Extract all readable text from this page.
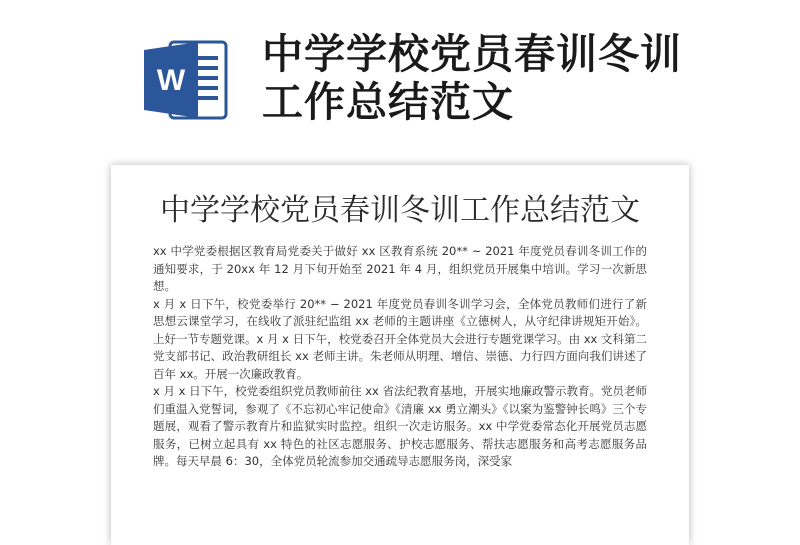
W
中学学校党员春训冬训工作总结范文
中学学校党员春训冬训工作总结范文

xx 中学党委根据区教育局党委关于做好 xx 区教育系统 20** ~ 2021 年度党员春训冬训工作的通知要求，于 20xx 年 12 月下旬开始至 2021 年 4 月，组织党员开展集中培训。学习一次新思想。

x 月 x 日下午，校党委举行 20** − 2021 年度党员春训冬训学习会，全体党员教师们进行了新思想云课堂学习，在线收了派驻纪监组 xx 老师的主题讲座《立德树人，从守纪律讲规矩开始》。上好一节专题党课。x 月 x 日下午，校党委召开全体党员大会进行专题党课学习。由 xx 文科第二党支部书记、政治教研组长 xx 老师主讲。朱老师从明理、增信、崇德、力行四方面向我们讲述了百年 xx。开展一次廉政教育。

x 月 x 日下午，校党委组织党员教师前往 xx 省法纪教育基地，开展实地廉政警示教育。党员老师们重温入党誓词，参观了《不忘初心牢记使命》《清廉 xx 勇立潮头》《以案为鉴警钟长鸣》三个专题展，观看了警示教育片和监狱实时监控。组织一次走访服务。xx 中学党委常态化开展党员志愿服务，已树立起具有 xx 特色的社区志愿服务、护校志愿服务、帮扶志愿服务和高考志愿服务品牌。每天早晨 6：30，全体党员轮流参加交通疏导志愿服务岗，深受家
